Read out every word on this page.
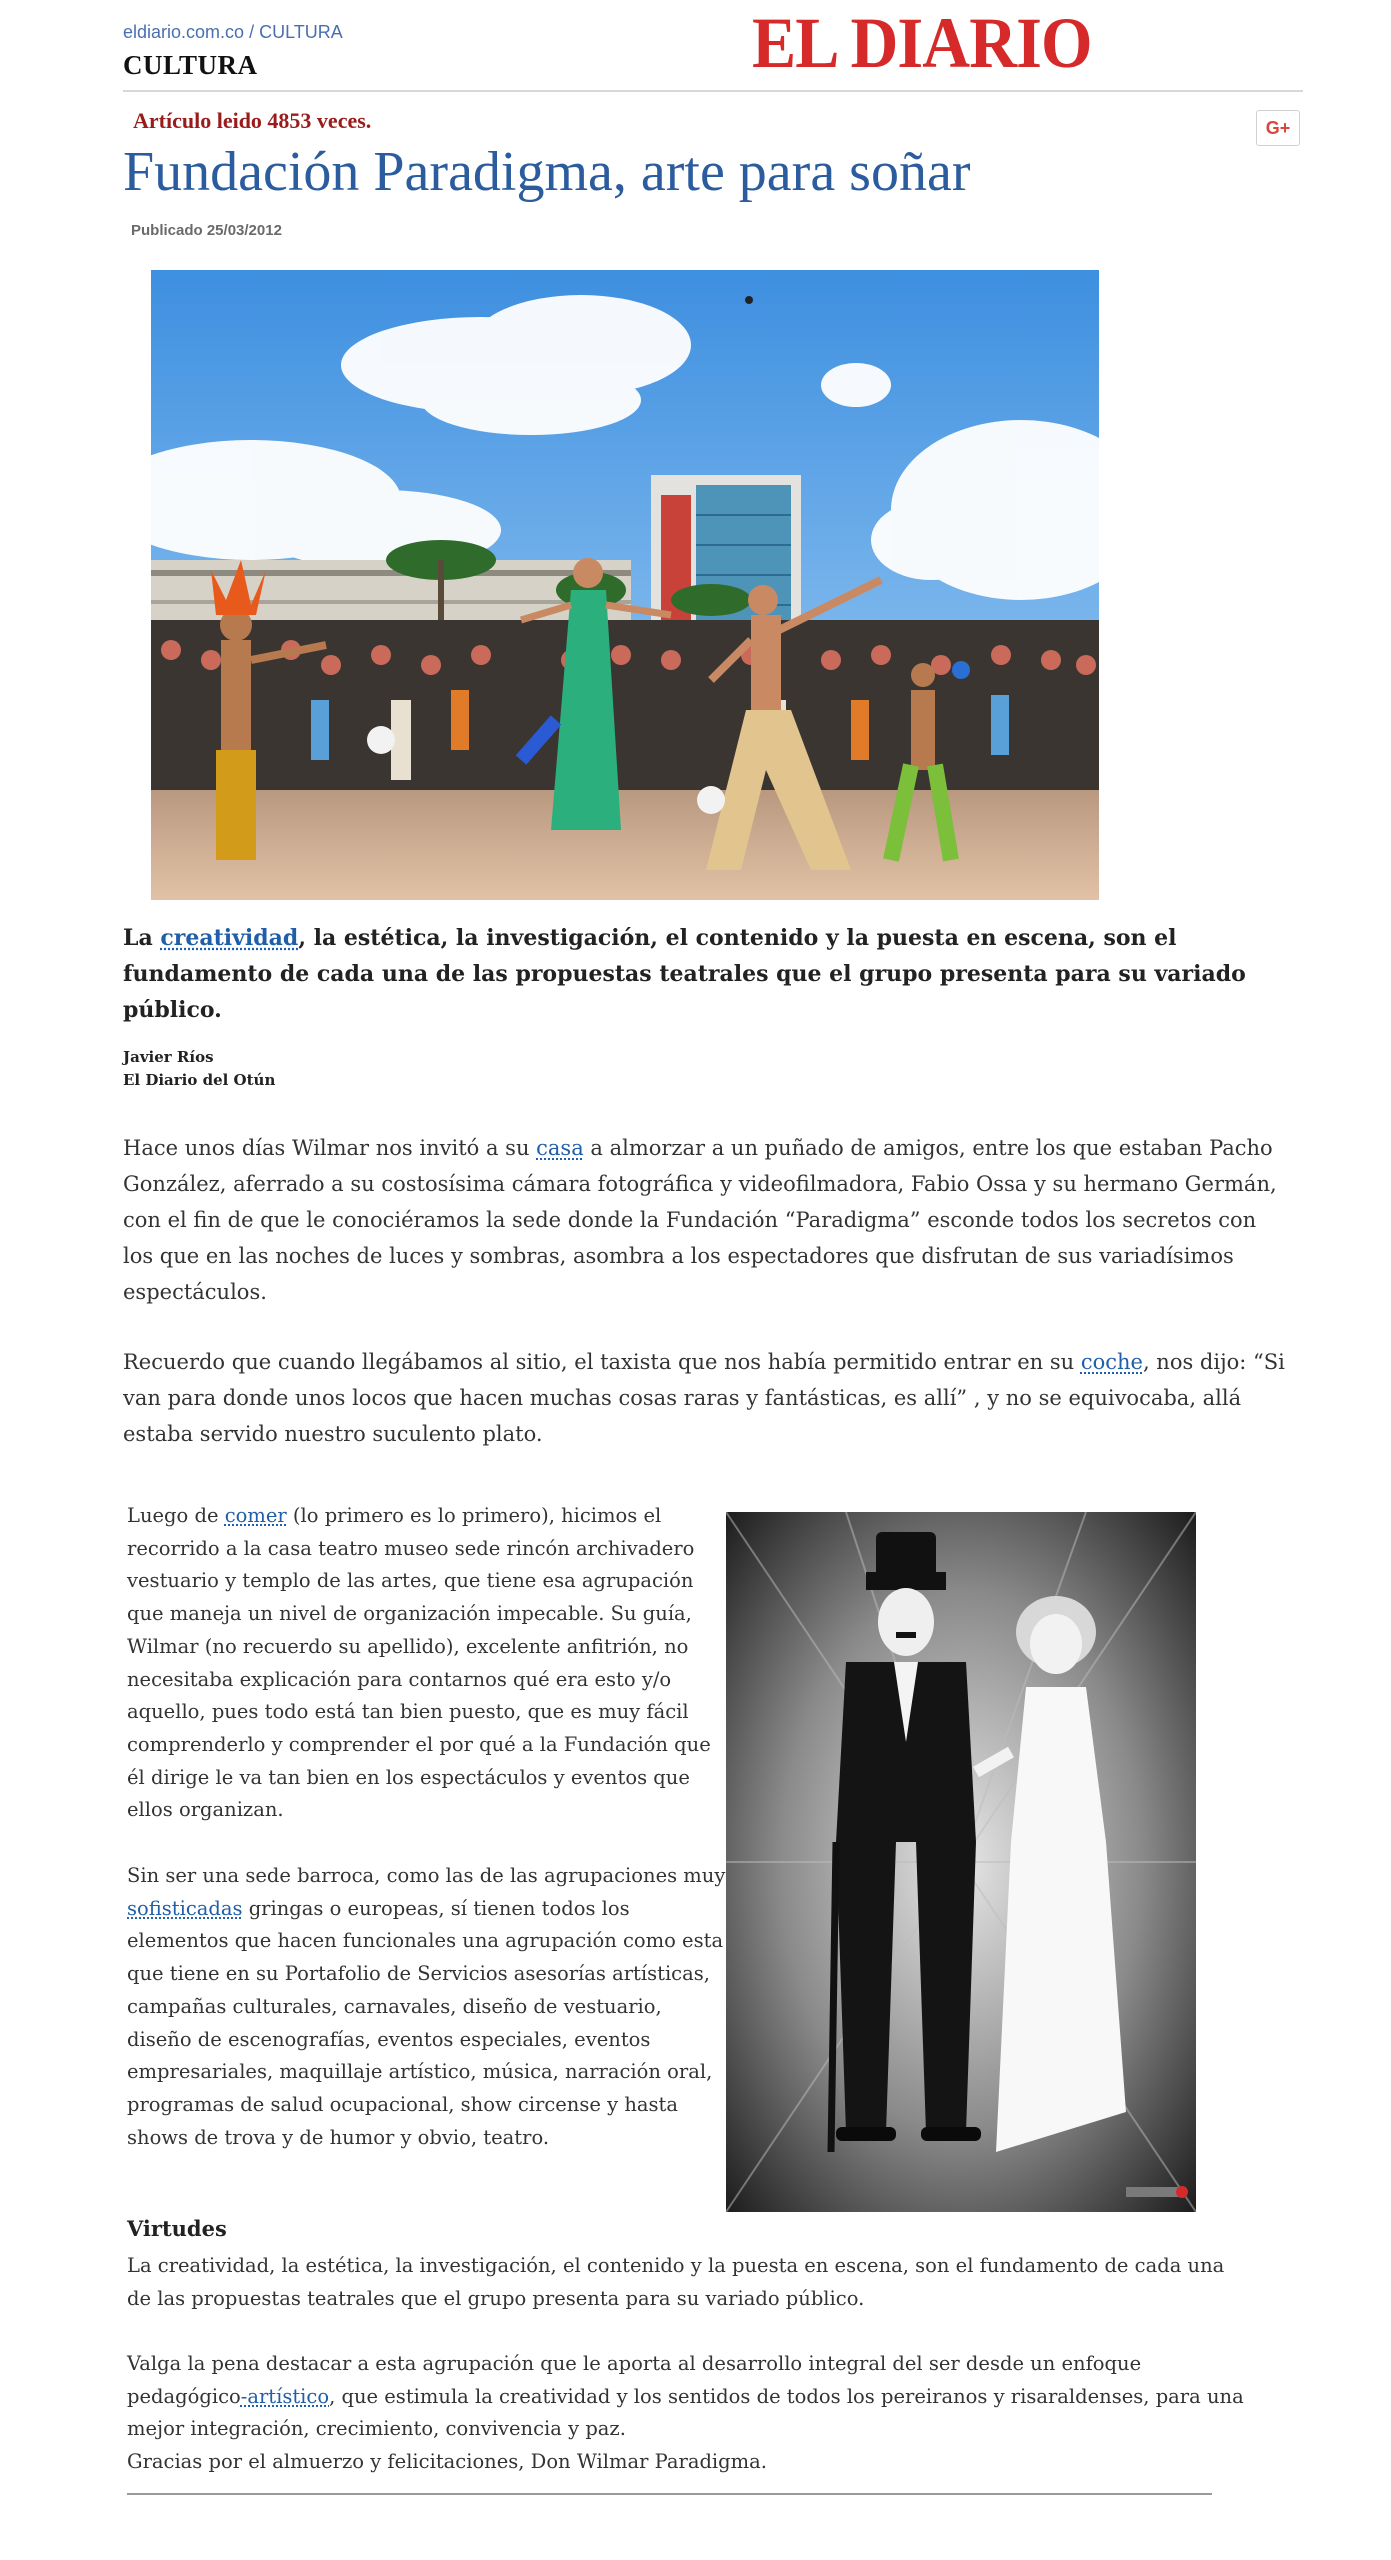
eldiario.com.co / CULTURA
CULTURA	EL DIARIO
Artículo leido 4853 veces.	G+
Fundación Paradigma, arte para soñar
Publicado 25/03/2012
La creatividad, la estética, la investigación, el contenido y la puesta en escena, son el fundamento de cada una de las propuestas teatrales que el grupo presenta para su variado público.
Javier Ríos
El Diario del Otún
Hace unos días Wilmar nos invitó a su casa a almorzar a un puñado de amigos, entre los que estaban Pacho González, aferrado a su costosísima cámara fotográfica y videofilmadora, Fabio Ossa y su hermano Germán, con el fin de que le conociéramos la sede donde la Fundación “Paradigma” esconde todos los secretos con los que en las noches de luces y sombras, asombra a los espectadores que disfrutan de sus variadísimos espectáculos.
Recuerdo que cuando llegábamos al sitio, el taxista que nos había permitido entrar en su coche, nos dijo: “Si van para donde unos locos que hacen muchas cosas raras y fantásticas, es allí” , y no se equivocaba, allá estaba servido nuestro suculento plato.
Luego de comer (lo primero es lo primero), hicimos el recorrido a la casa teatro museo sede rincón archivadero vestuario y templo de las artes, que tiene esa agrupación que maneja un nivel de organización impecable. Su guía, Wilmar (no recuerdo su apellido), excelente anfitrión, no necesitaba explicación para contarnos qué era esto y/o aquello, pues todo está tan bien puesto, que es muy fácil comprenderlo y comprender el por qué a la Fundación que él dirige le va tan bien en los espectáculos y eventos que ellos organizan.
Sin ser una sede barroca, como las de las agrupaciones muy sofisticadas gringas o europeas, sí tienen todos los elementos que hacen funcionales una agrupación como esta que tiene en su Portafolio de Servicios asesorías artísticas, campañas culturales, carnavales, diseño de vestuario, diseño de escenografías, eventos especiales, eventos empresariales, maquillaje artístico, música, narración oral, programas de salud ocupacional, show circense y hasta shows de trova y de humor y obvio, teatro.
Virtudes
La creatividad, la estética, la investigación, el contenido y la puesta en escena, son el fundamento de cada una de las propuestas teatrales que el grupo presenta para su variado público.
Valga la pena destacar a esta agrupación que le aporta al desarrollo integral del ser desde un enfoque pedagógico-artístico, que estimula la creatividad y los sentidos de todos los pereiranos y risaraldenses, para una mejor integración, crecimiento, convivencia y paz.
Gracias por el almuerzo y felicitaciones, Don Wilmar Paradigma.
